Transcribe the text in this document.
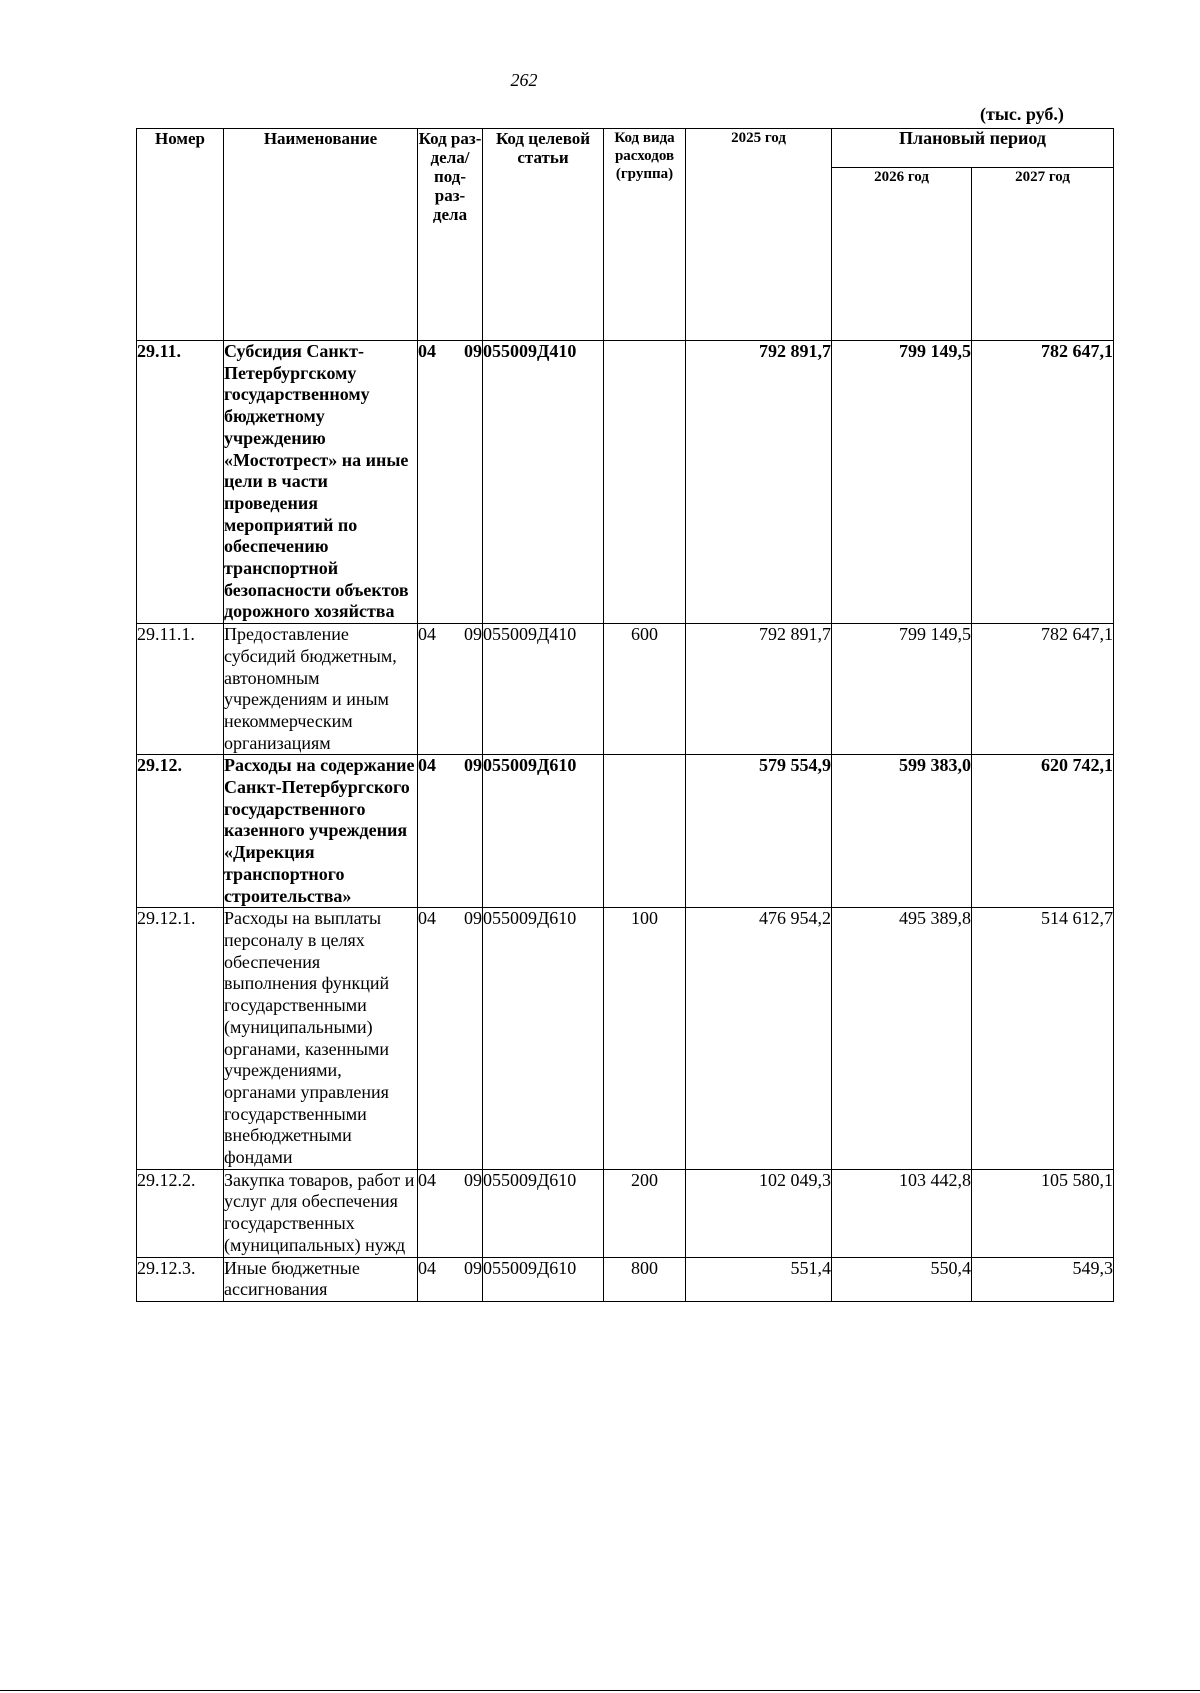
262
(тыс. руб.)
Номер	Наименование	Код раз- дела/ под- раз- дела	Код целевой статьи	Код вида расходов (группа)	2025 год	Плановый период	
						2026 год	2027 год
29.11.	Субсидия Санкт-Петербургскому государственному бюджетному учреждению «Мостотрест» на иные цели в части проведения мероприятий по обеспечению транспортной безопасности объектов дорожного хозяйства	04 09	055009Д410		792 891,7	799 149,5	782 647,1
29.11.1.	Предоставление субсидий бюджетным, автономным учреждениям и иным некоммерческим организациям	04 09	055009Д410	600	792 891,7	799 149,5	782 647,1
29.12.	Расходы на содержание Санкт-Петербургского государственного казенного учреждения «Дирекция транспортного строительства»	04 09	055009Д610		579 554,9	599 383,0	620 742,1
29.12.1.	Расходы на выплаты персоналу в целях обеспечения выполнения функций государственными (муниципальными) органами, казенными учреждениями, органами управления государственными внебюджетными фондами	04 09	055009Д610	100	476 954,2	495 389,8	514 612,7
29.12.2.	Закупка товаров, работ и услуг для обеспечения государственных (муниципальных) нужд	04 09	055009Д610	200	102 049,3	103 442,8	105 580,1
29.12.3.	Иные бюджетные ассигнования	04 09	055009Д610	800	551,4	550,4	549,3
